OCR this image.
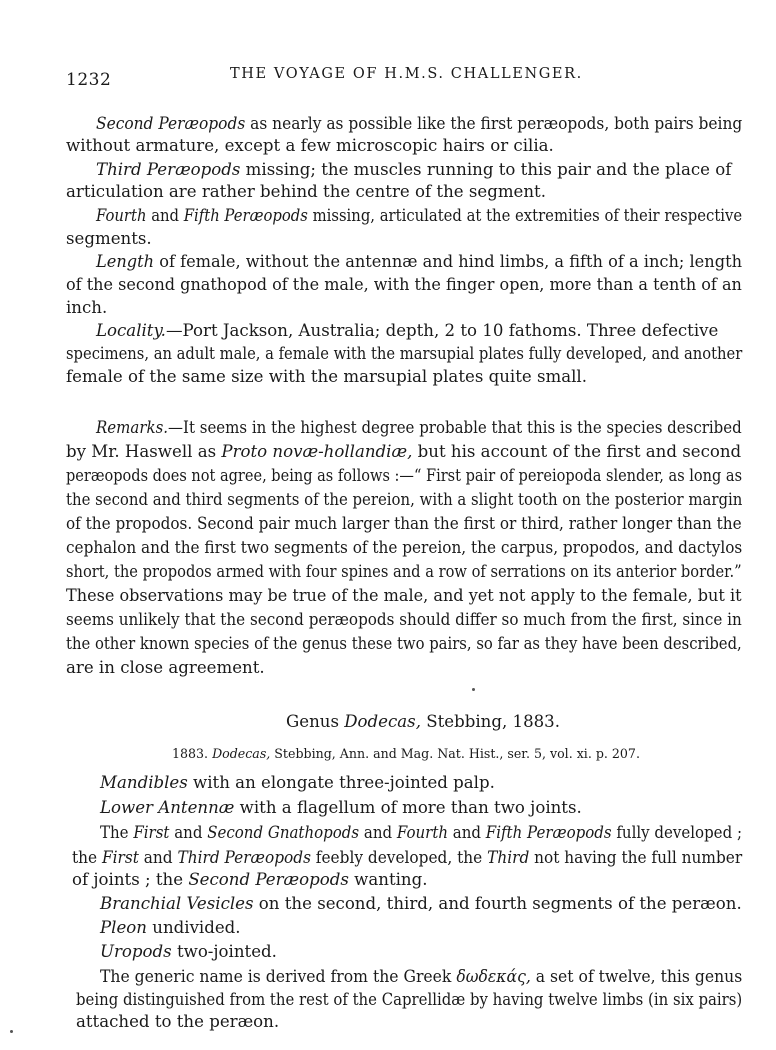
1232	THE VOYAGE OF H.M.S. CHALLENGER.
Second Peræopods as nearly as possible like the first peræopods, both pairs being
without armature, except a few microscopic hairs or cilia.
Third Peræopods missing; the muscles running to this pair and the place of
articulation are rather behind the centre of the segment.
Fourth and Fifth Peræopods missing, articulated at the extremities of their respective
segments.
Length of female, without the antennæ and hind limbs, a fifth of a inch; length
of the second gnathopod of the male, with the finger open, more than a tenth of an
inch.
Locality.—Port Jackson, Australia; depth, 2 to 10 fathoms. Three defective
specimens, an adult male, a female with the marsupial plates fully developed, and another
female of the same size with the marsupial plates quite small.
Remarks.—It seems in the highest degree probable that this is the species described
by Mr. Haswell as Proto novæ-hollandiæ, but his account of the first and second
peræopods does not agree, being as follows :—“ First pair of pereiopoda slender, as long as
the second and third segments of the pereion, with a slight tooth on the posterior margin
of the propodos. Second pair much larger than the first or third, rather longer than the
cephalon and the first two segments of the pereion, the carpus, propodos, and dactylos
short, the propodos armed with four spines and a row of serrations on its anterior border.”
These observations may be true of the male, and yet not apply to the female, but it
seems unlikely that the second peræopods should differ so much from the first, since in
the other known species of the genus these two pairs, so far as they have been described,
are in close agreement.
Genus Dodecas, Stebbing, 1883.
1883. Dodecas, Stebbing, Ann. and Mag. Nat. Hist., ser. 5, vol. xi. p. 207.
Mandibles with an elongate three-jointed palp.
Lower Antennæ with a flagellum of more than two joints.
The First and Second Gnathopods and Fourth and Fifth Peræopods fully developed ;
the First and Third Peræopods feebly developed, the Third not having the full number
of joints ; the Second Peræopods wanting.
Branchial Vesicles on the second, third, and fourth segments of the peræon.
Pleon undivided.
Uropods two-jointed.
The generic name is derived from the Greek δωδεκάς, a set of twelve, this genus
being distinguished from the rest of the Caprellidæ by having twelve limbs (in six pairs)
attached to the peræon.
